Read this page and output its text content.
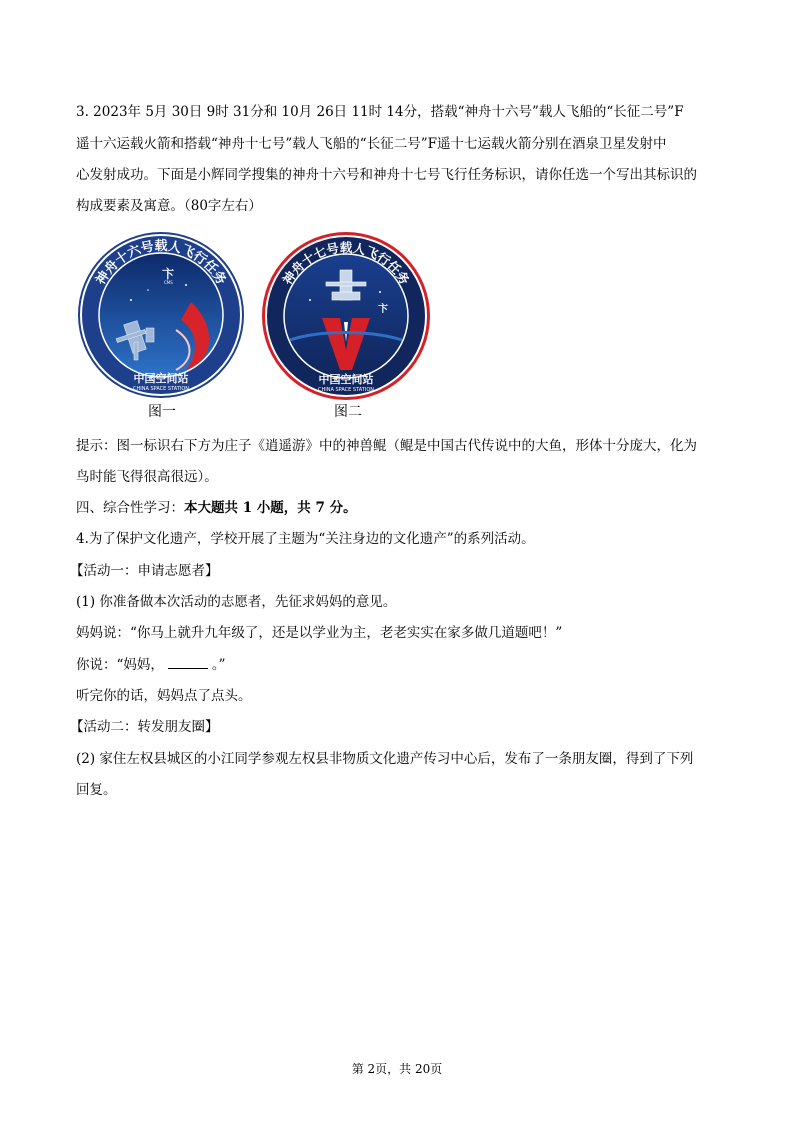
3. 2023年 5月 30日 9时 31分和 10月 26日 11时 14分，搭载“神舟十六号”载人飞船的“长征二号”F
遥十六运载火箭和搭载“神舟十七号”载人飞船的“长征二号”F遥十七运载火箭分别在酒泉卫星发射中
心发射成功。下面是小辉同学搜集的神舟十六号和神舟十七号飞行任务标识，请你任选一个写出其标识的
构成要素及寓意。（80字左右）
神舟十六号载人飞行任务
中国空间站
CHINA SPACE STATION
卞
CMS
图一
神舟十七号载人飞行任务
中国空间站
CHINA SPACE STATION
卞
图二
提示：图一标识右下方为庄子《逍遥游》中的神兽鲲（鲲是中国古代传说中的大鱼，形体十分庞大，化为
鸟时能飞得很高很远）。
四、综合性学习：本大题共 1 小题，共 7 分。
4.为了保护文化遗产，学校开展了主题为“关注身边的文化遗产”的系列活动。
【活动一：申请志愿者】
(1) 你准备做本次活动的志愿者，先征求妈妈的意见。
妈妈说：“你马上就升九年级了，还是以学业为主，老老实实在家多做几道题吧！”
你说：“妈妈，	。”
听完你的话，妈妈点了点头。
【活动二：转发朋友圈】
(2) 家住左权县城区的小江同学参观左权县非物质文化遗产传习中心后，发布了一条朋友圈，得到了下列
回复。
第 2页，共 20页
